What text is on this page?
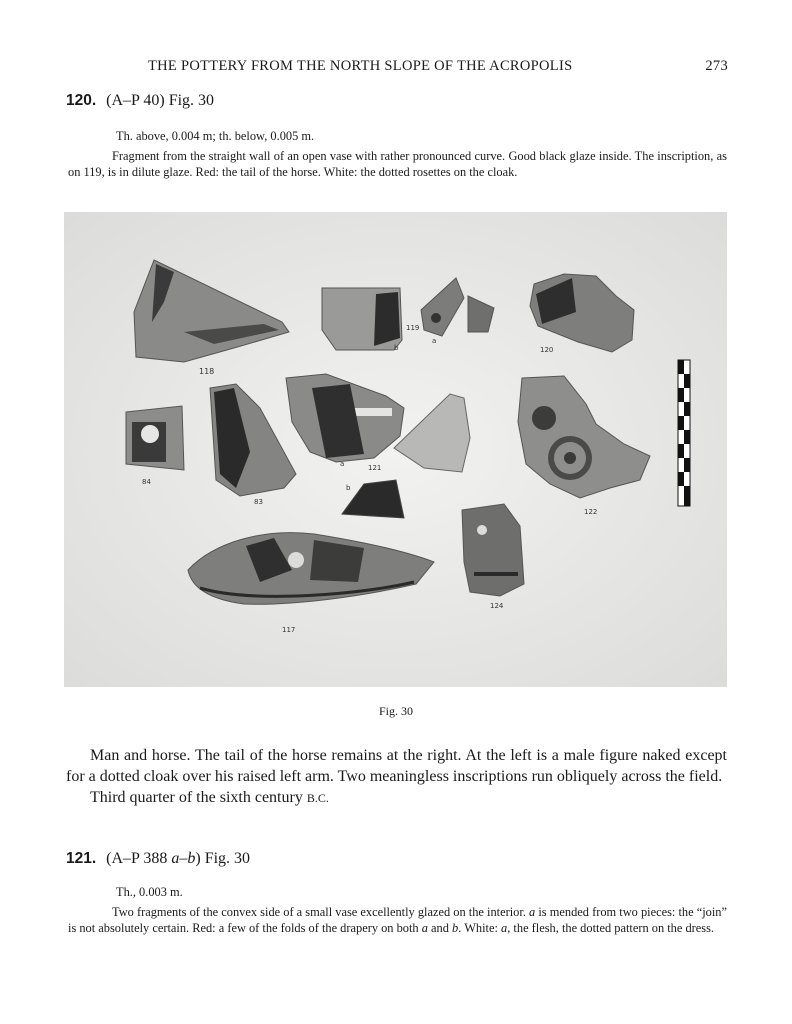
THE POTTERY FROM THE NORTH SLOPE OF THE ACROPOLIS	273
120. (A–P 40) Fig. 30

Th. above, 0.004 m; th. below, 0.005 m.

Fragment from the straight wall of an open vase with rather pronounced curve. Good black glaze inside. The inscription, as on 119, is in dilute glaze. Red: the tail of the horse. White: the dotted rosettes on the cloak.

118
b
119
a
120
84
83
a	121
b
122
117
124
Fig. 30

Man and horse. The tail of the horse remains at the right. At the left is a male figure naked except for a dotted cloak over his raised left arm. Two meaningless inscriptions run obliquely across the field.

Third quarter of the sixth century B.C.

121. (A–P 388 a–b) Fig. 30

Th., 0.003 m.

Two fragments of the convex side of a small vase excellently glazed on the interior. a is mended from two pieces: the “join” is not absolutely certain. Red: a few of the folds of the drapery on both a and b. White: a, the flesh, the dotted pattern on the dress.
